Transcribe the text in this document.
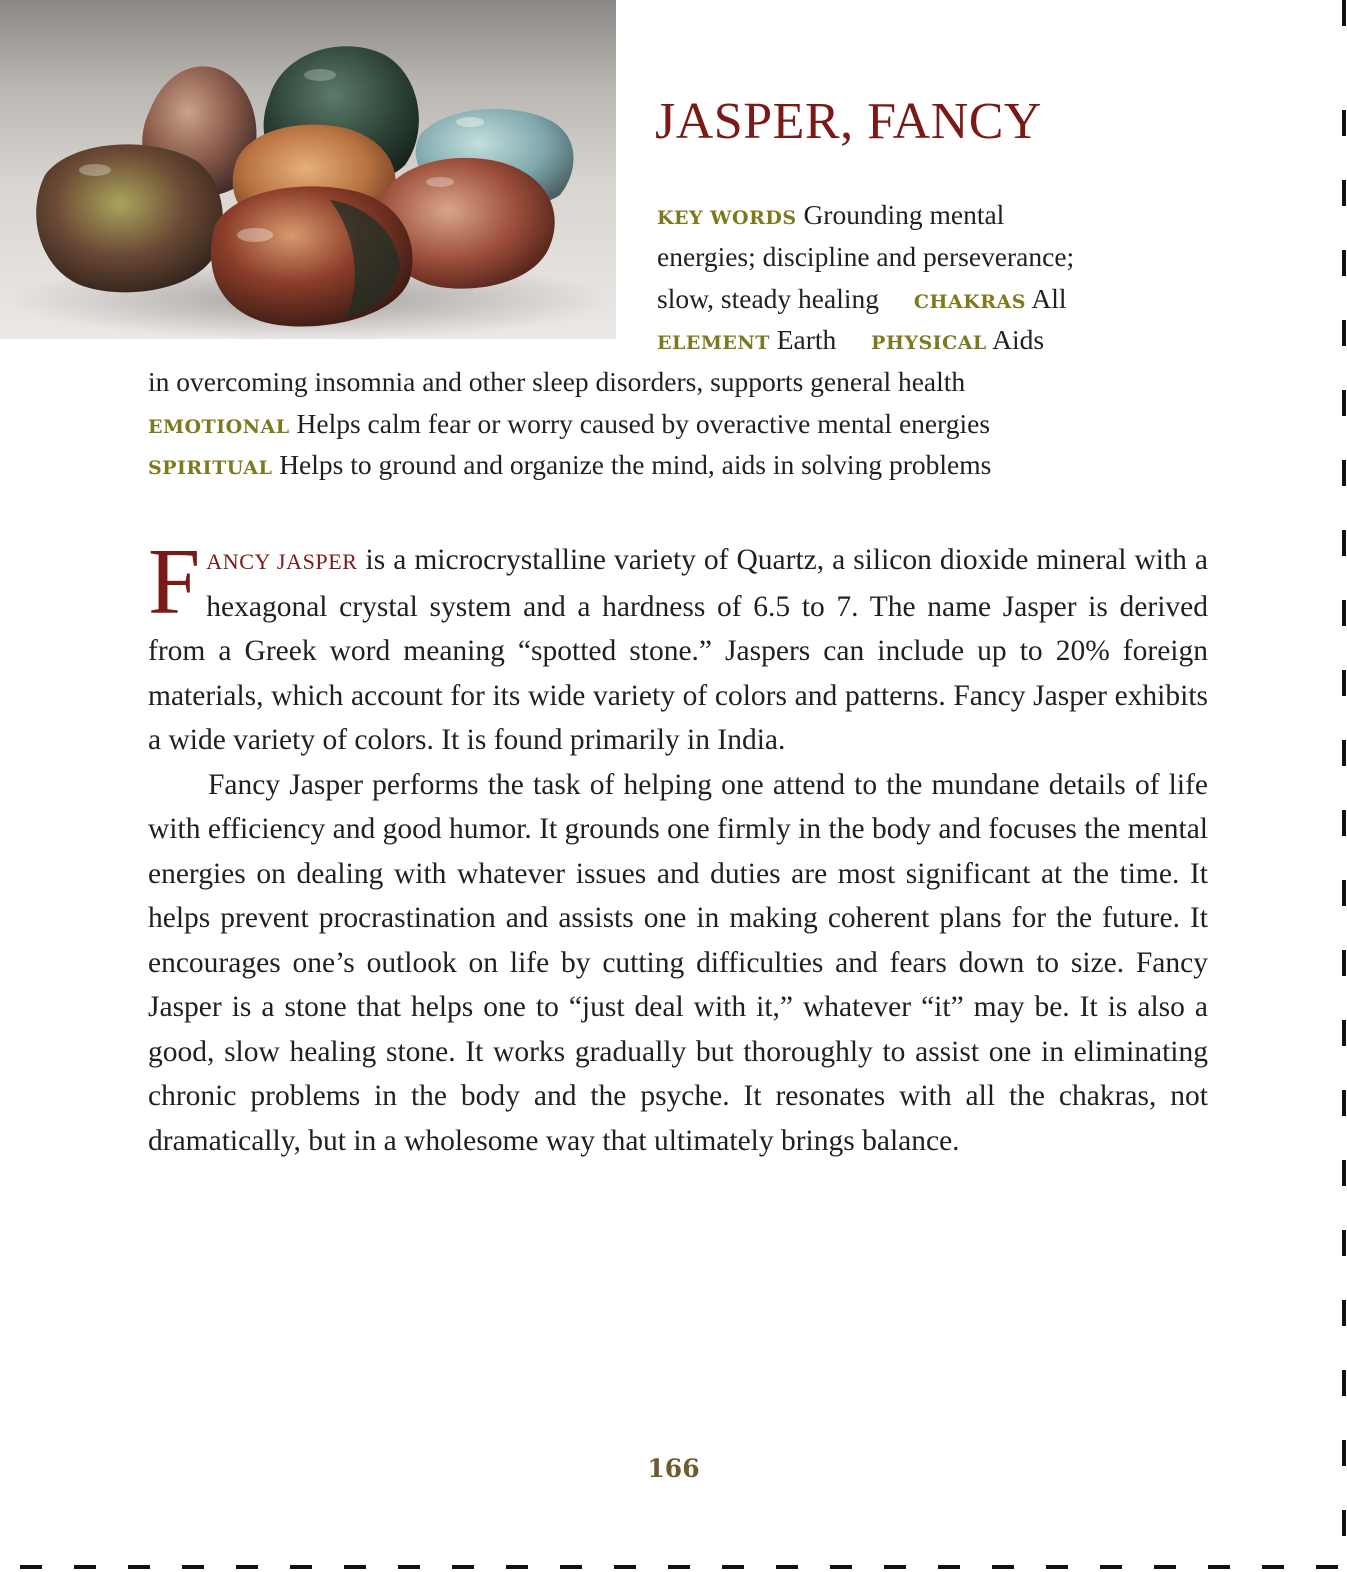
JASPER, FANCY
KEY WORDS Grounding mental
energies; discipline and perseverance;
slow, steady healing CHAKRAS All
ELEMENT Earth PHYSICAL Aids
in overcoming insomnia and other sleep disorders, supports general health
EMOTIONAL Helps calm fear or worry caused by overactive mental energies
SPIRITUAL Helps to ground and organize the mind, aids in solving problems

FANCY JASPER is a microcrystalline variety of Quartz, a silicon dioxide mineral with a hexagonal crystal system and a hardness of 6.5 to 7. The name Jasper is derived from a Greek word meaning “spotted stone.” Jaspers can include up to 20% foreign materials, which account for its wide variety of colors and patterns. Fancy Jasper exhibits a wide variety of colors. It is found primarily in India.

Fancy Jasper performs the task of helping one attend to the mundane details of life with efficiency and good humor. It grounds one firmly in the body and focuses the mental energies on dealing with whatever issues and duties are most significant at the time. It helps prevent procrastination and assists one in making coherent plans for the future. It encourages one’s outlook on life by cutting difficulties and fears down to size. Fancy Jasper is a stone that helps one to “just deal with it,” whatever “it” may be. It is also a good, slow healing stone. It works gradually but thoroughly to assist one in eliminating chronic problems in the body and the psyche. It resonates with all the chakras, not dramatically, but in a wholesome way that ultimately brings balance.

166
